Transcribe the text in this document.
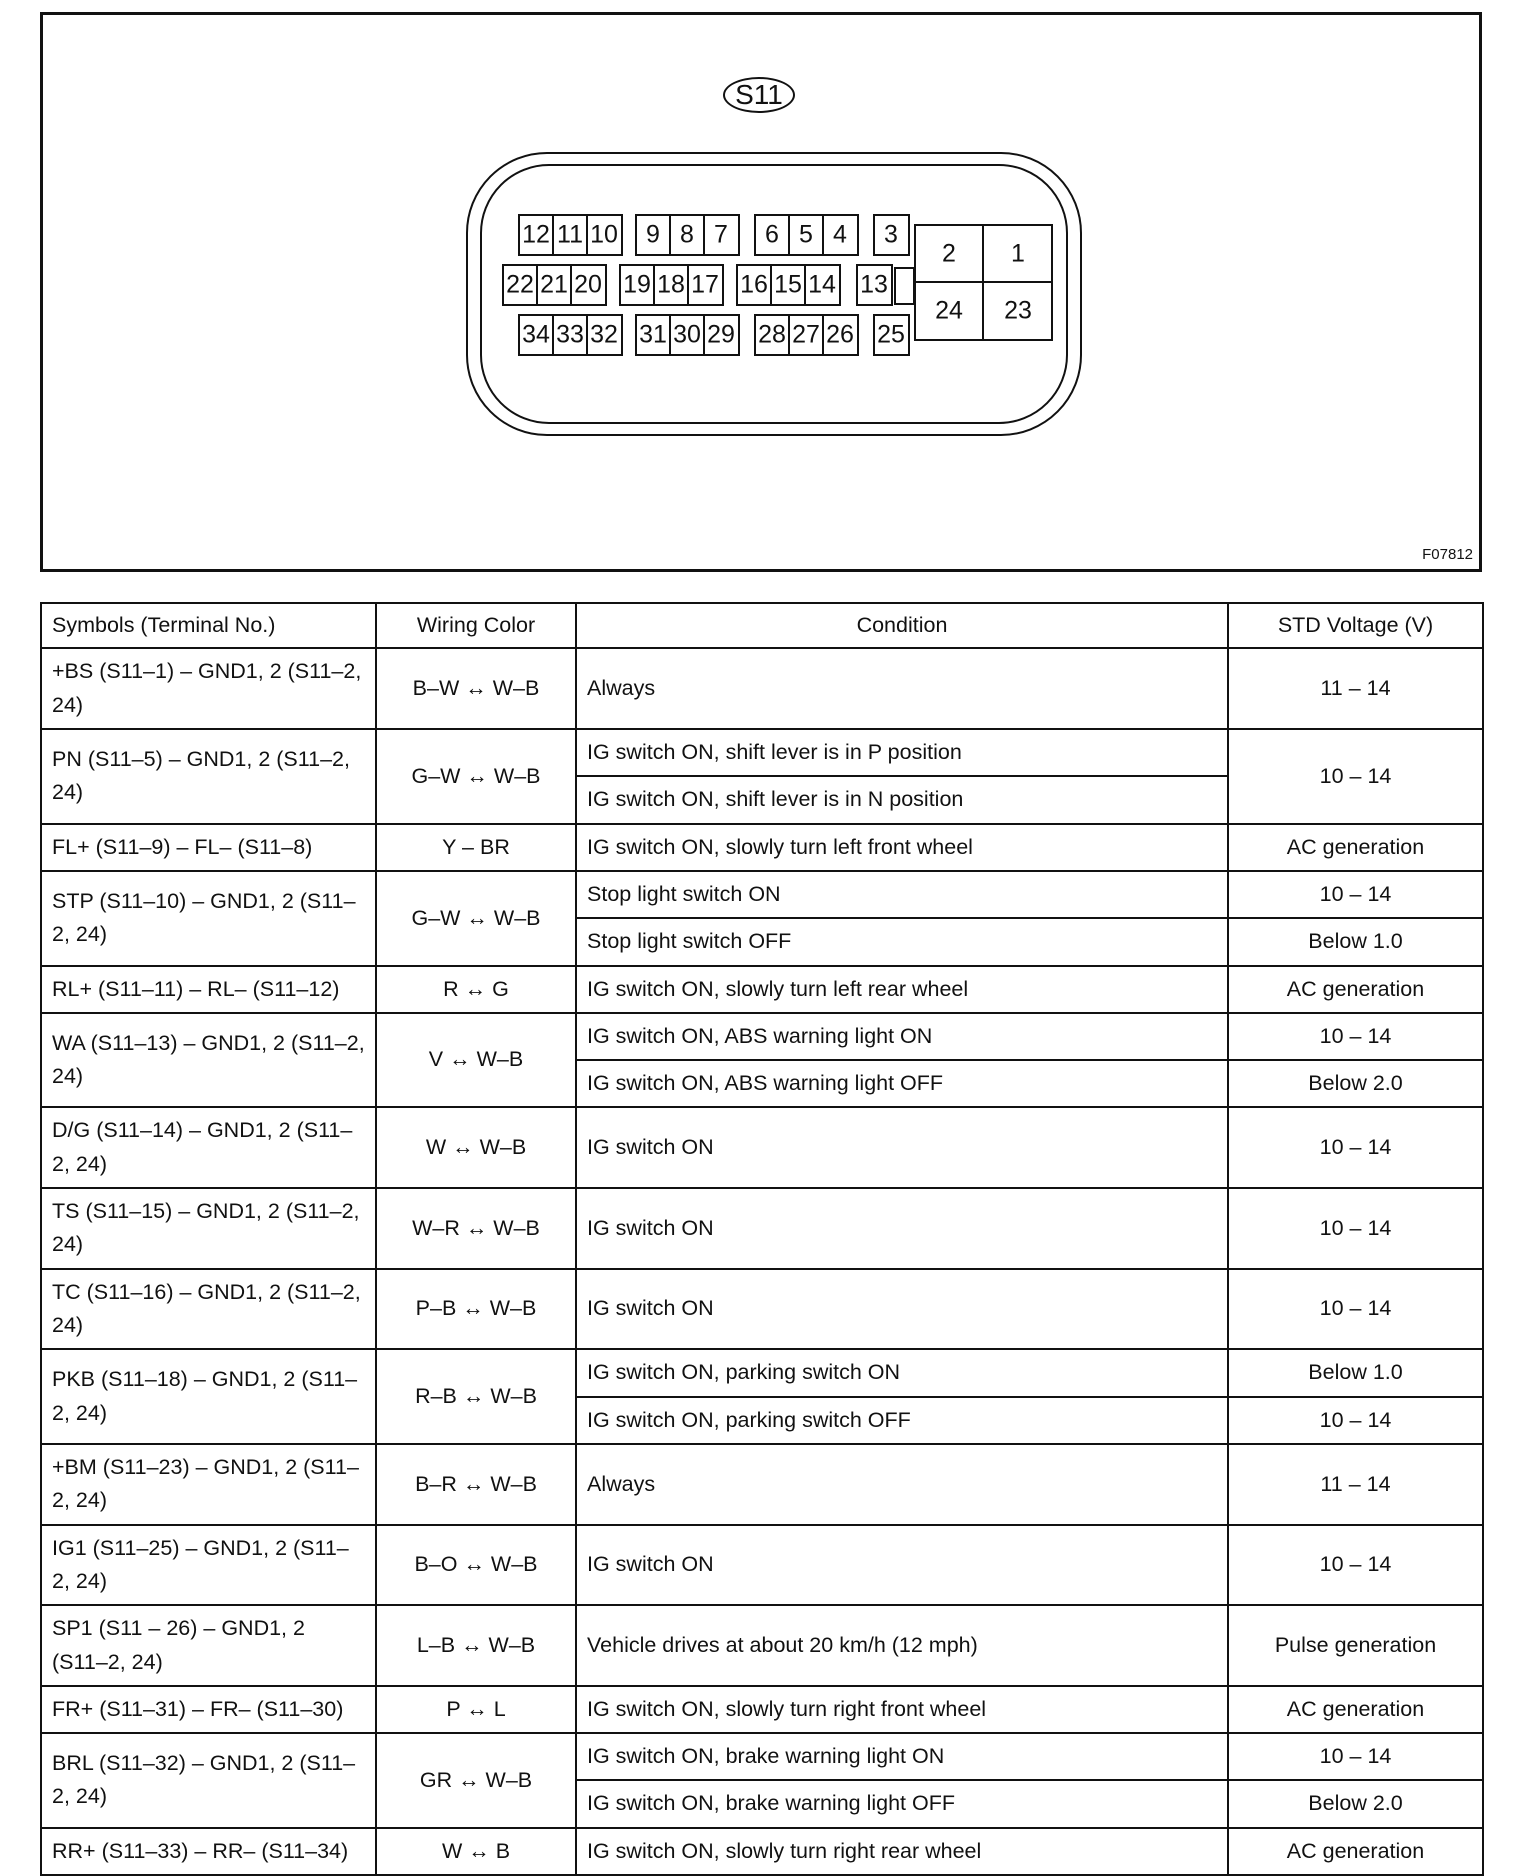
S11
12 11 10 9 8 7 6 5 4 3
22 21 20 19 18 17 16 15 14 13
34 33 32 31 30 29 28 27 26 25
2 1
24 23
F07812
Symbols (Terminal No.)	Wiring Color	Condition	STD Voltage (V)
+BS (S11–1) – GND1, 2 (S11–2, 24)	B–W ↔ W–B	Always	11 – 14
PN (S11–5) – GND1, 2 (S11–2, 24)	G–W ↔ W–B	IG switch ON, shift lever is in P position	10 – 14
		IG switch ON, shift lever is in N position	
FL+ (S11–9) – FL– (S11–8)	Y – BR	IG switch ON, slowly turn left front wheel	AC generation
STP (S11–10) – GND1, 2 (S11–2, 24)	G–W ↔ W–B	Stop light switch ON	10 – 14
		Stop light switch OFF	Below 1.0
RL+ (S11–11) – RL– (S11–12)	R ↔ G	IG switch ON, slowly turn left rear wheel	AC generation
WA (S11–13) – GND1, 2 (S11–2, 24)	V ↔ W–B	IG switch ON, ABS warning light ON	10 – 14
		IG switch ON, ABS warning light OFF	Below 2.0
D/G (S11–14) – GND1, 2 (S11–2, 24)	W ↔ W–B	IG switch ON	10 – 14
TS (S11–15) – GND1, 2 (S11–2, 24)	W–R ↔ W–B	IG switch ON	10 – 14
TC (S11–16) – GND1, 2 (S11–2, 24)	P–B ↔ W–B	IG switch ON	10 – 14
PKB (S11–18) – GND1, 2 (S11–2, 24)	R–B ↔ W–B	IG switch ON, parking switch ON	Below 1.0
		IG switch ON, parking switch OFF	10 – 14
+BM (S11–23) – GND1, 2 (S11–2, 24)	B–R ↔ W–B	Always	11 – 14
IG1 (S11–25) – GND1, 2 (S11–2, 24)	B–O ↔ W–B	IG switch ON	10 – 14
SP1 (S11 – 26) – GND1, 2 (S11–2, 24)	L–B ↔ W–B	Vehicle drives at about 20 km/h (12 mph)	Pulse generation
FR+ (S11–31) – FR– (S11–30)	P ↔ L	IG switch ON, slowly turn right front wheel	AC generation
BRL (S11–32) – GND1, 2 (S11–2, 24)	GR ↔ W–B	IG switch ON, brake warning light ON	10 – 14
		IG switch ON, brake warning light OFF	Below 2.0
RR+ (S11–33) – RR– (S11–34)	W ↔ B	IG switch ON, slowly turn right rear wheel	AC generation
